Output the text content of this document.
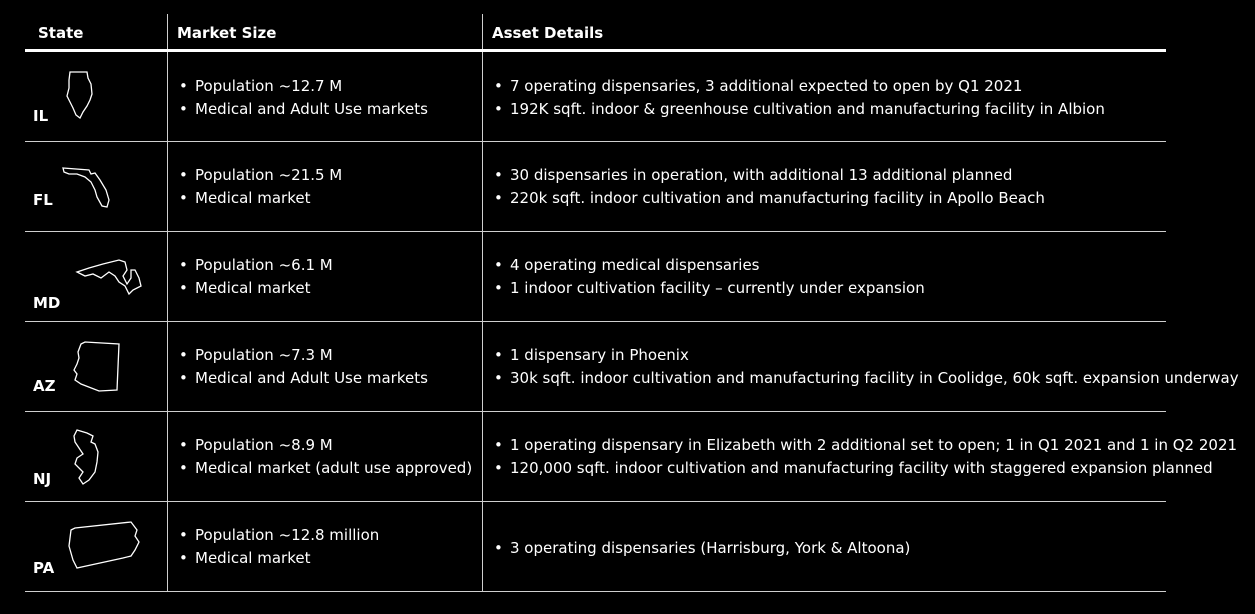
State	Market Size	Asset Details
IL
• Population ~12.7 M
• Medical and Adult Use markets
• 7 operating dispensaries, 3 additional expected to open by Q1 2021
• 192K sqft. indoor & greenhouse cultivation and manufacturing facility in Albion
FL
• Population ~21.5 M
• Medical market
• 30 dispensaries in operation, with additional 13 additional planned
• 220k sqft. indoor cultivation and manufacturing facility in Apollo Beach
MD
• Population ~6.1 M
• Medical market
• 4 operating medical dispensaries
• 1 indoor cultivation facility – currently under expansion
AZ
• Population ~7.3 M
• Medical and Adult Use markets
• 1 dispensary in Phoenix
• 30k sqft. indoor cultivation and manufacturing facility in Coolidge, 60k sqft. expansion underway
NJ
• Population ~8.9 M
• Medical market (adult use approved)
• 1 operating dispensary in Elizabeth with 2 additional set to open; 1 in Q1 2021 and 1 in Q2 2021
• 120,000 sqft. indoor cultivation and manufacturing facility with staggered expansion planned
PA
• Population ~12.8 million
• Medical market
• 3 operating dispensaries (Harrisburg, York & Altoona)
